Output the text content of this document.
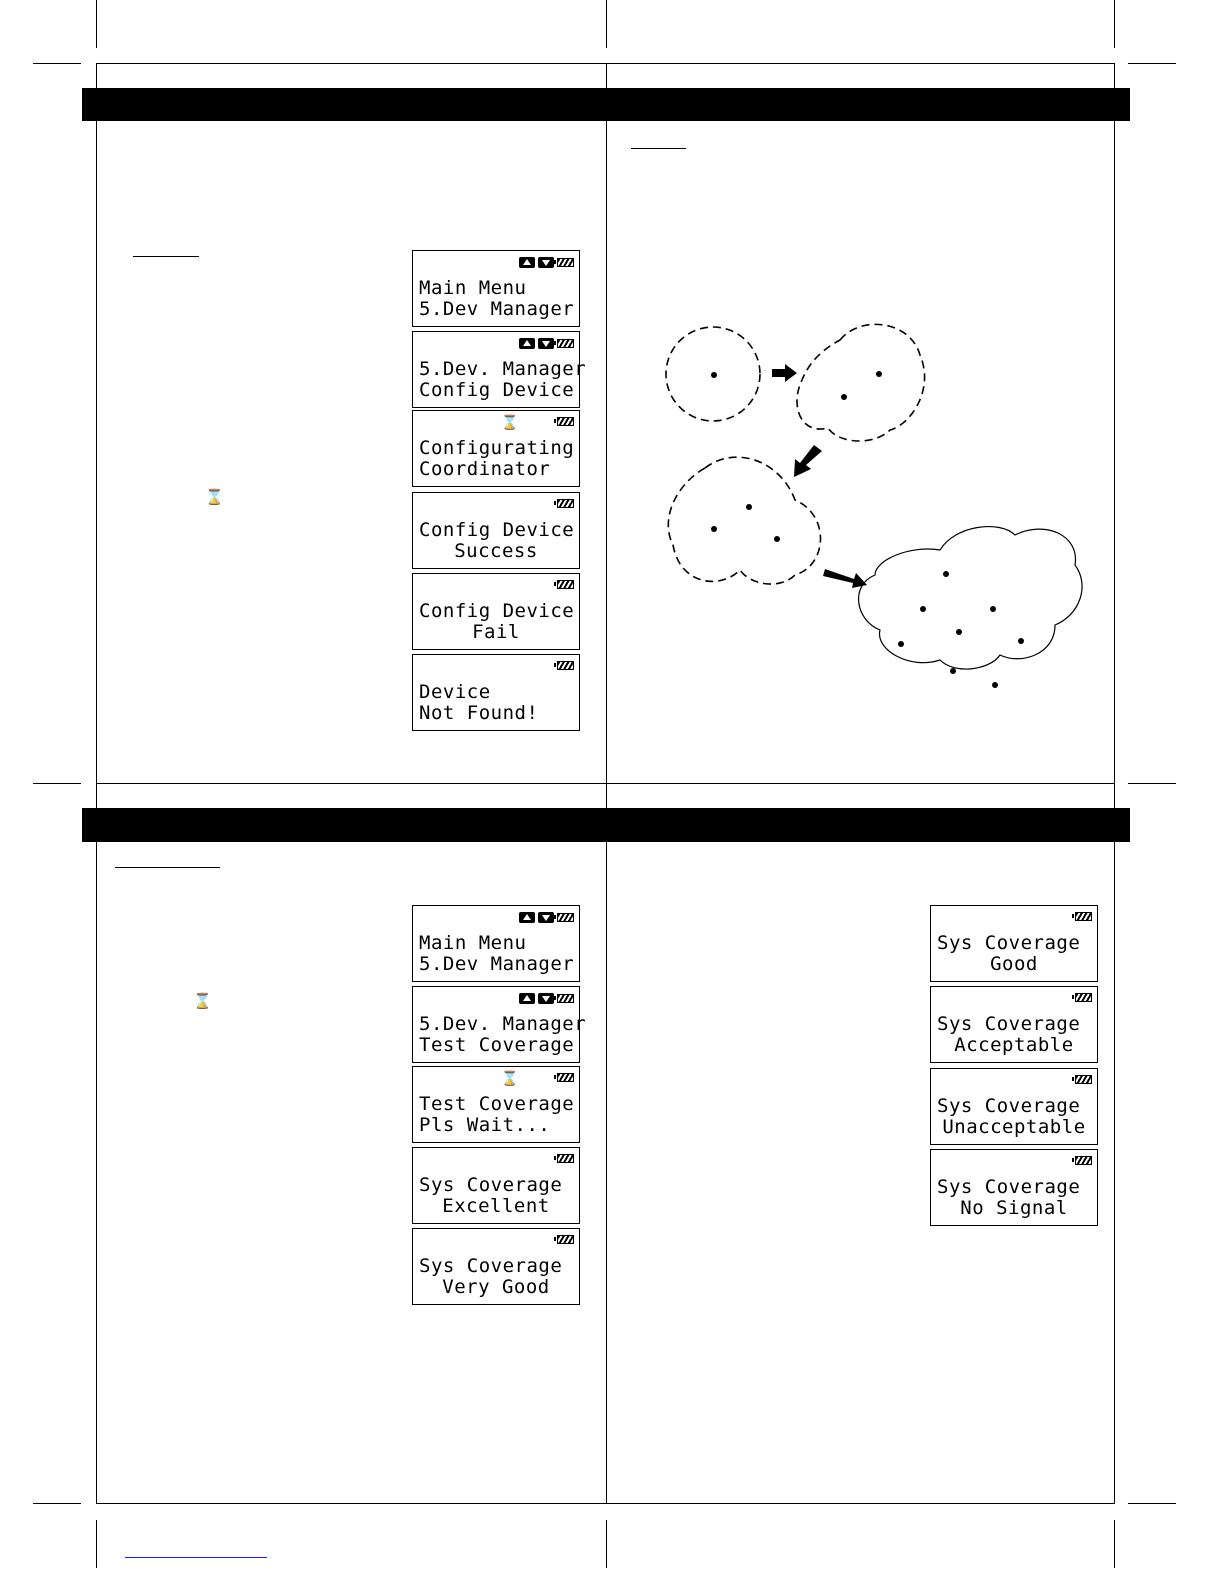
⌛
⌛
Main Menu
5.Dev Manager
5.Dev. Manager
Config Device
⌛
Configurating
Coordinator
Config Device
Success
Config Device
Fail
Device
Not Found!
Main Menu
5.Dev Manager
5.Dev. Manager
Test Coverage
⌛
Test Coverage
Pls Wait...
Sys Coverage
Excellent
Sys Coverage
Very Good
Sys Coverage
Good
Sys Coverage
Acceptable
Sys Coverage
Unacceptable
Sys Coverage
No Signal
